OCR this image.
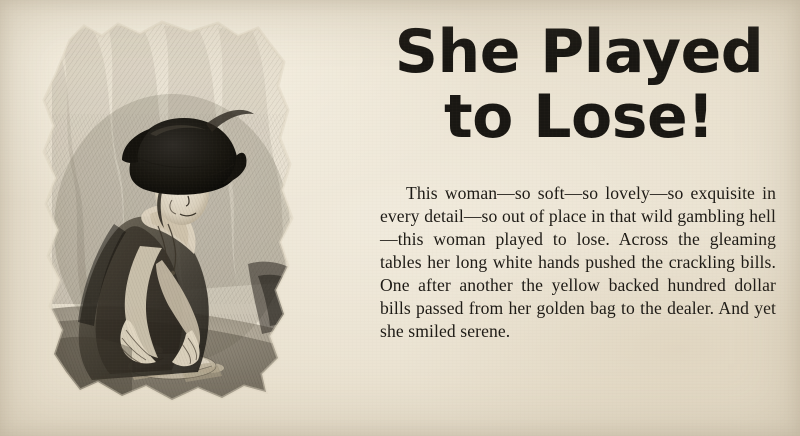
She Played
to Lose!

This woman—so soft—so lovely—so exquisite in every detail—so out of place in that wild gambling hell—this woman played to lose. Across the gleaming tables her long white hands pushed the crackling bills. One after another the yellow backed hundred dollar bills passed from her golden bag to the dealer. And yet she smiled serene.
